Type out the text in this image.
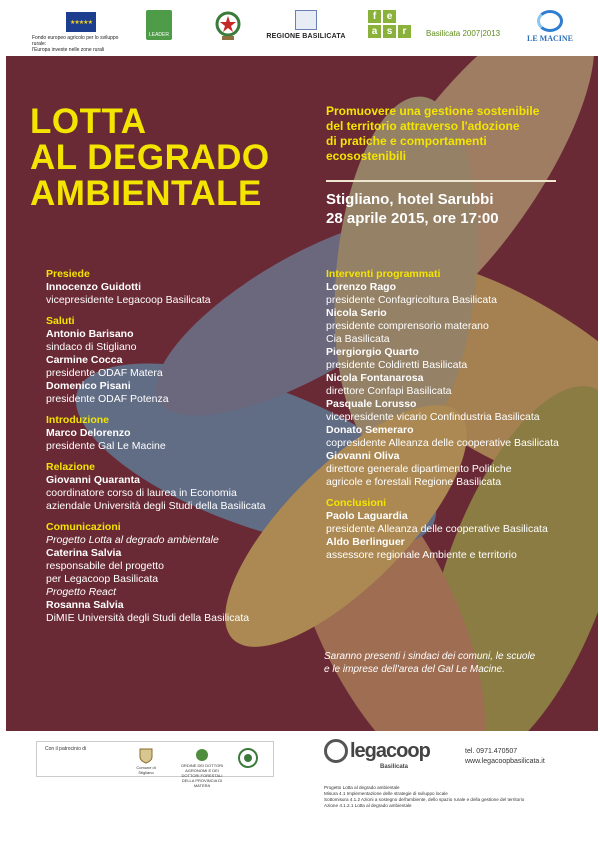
★★★★★
Fondo europeo agricolo per lo sviluppo rurale:
l'Europa investe nelle zone rurali
LEADER	REGIONE BASILICATA
f	e
a s	r	Basilicata 2007|2013
LE MACINE
LOTTA
AL DEGRADO
AMBIENTALE
Promuovere una gestione sostenibile
del territorio attraverso l'adozione
di pratiche e comportamenti
ecosostenibili
Stigliano, hotel Sarubbi
28 aprile 2015, ore 17:00
Presiede
Innocenzo Guidotti
vicepresidente Legacoop Basilicata
Saluti
Antonio Barisano
sindaco di Stigliano
Carmine Cocca
presidente ODAF Matera
Domenico Pisani
presidente ODAF Potenza
Introduzione
Marco Delorenzo
presidente Gal Le Macine
Relazione
Giovanni Quaranta
coordinatore corso di laurea in Economia
aziendale Università degli Studi della Basilicata
Comunicazioni
Progetto Lotta al degrado ambientale
Caterina Salvia
responsabile del progetto
per Legacoop Basilicata
Progetto React
Rosanna Salvia
DiMIE Università degli Studi della Basilicata
Interventi programmati
Lorenzo Rago
presidente Confagricoltura Basilicata
Nicola Serio
presidente comprensorio materano
Cia Basilicata
Piergiorgio Quarto
presidente Coldiretti Basilicata
Nicola Fontanarosa
direttore Confapi Basilicata
Pasquale Lorusso
vicepresidente vicario Confindustria Basilicata
Donato Semeraro
copresidente Alleanza delle cooperative Basilicata
Giovanni Oliva
direttore generale dipartimento Politiche
agricole e forestali Regione Basilicata
Conclusioni
Paolo Laguardia
presidente Alleanza delle cooperative Basilicata
Aldo Berlinguer
assessore regionale Ambiente e territorio
Saranno presenti i sindaci dei comuni, le scuole
e le imprese dell'area del Gal Le Macine.
Con il patrocinio di
Comune di Stigliano
ORDINE DEI DOTTORI AGRONOMI E DEI DOTTORI FORESTALI DELLA PROVINCIA DI MATERA
legacoop
Basilicata
tel. 0971.470507
www.legacoopbasilicata.it
Progetto Lotta al degrado ambientale
Misura 4.1 Implementazione delle strategie di sviluppo locale
Sottomisura 4.1.2 Azioni a sostegno dell'ambiente, dello spazio rurale e della gestione del territorio
Azione 4.1.2.1 Lotta al degrado ambientale
